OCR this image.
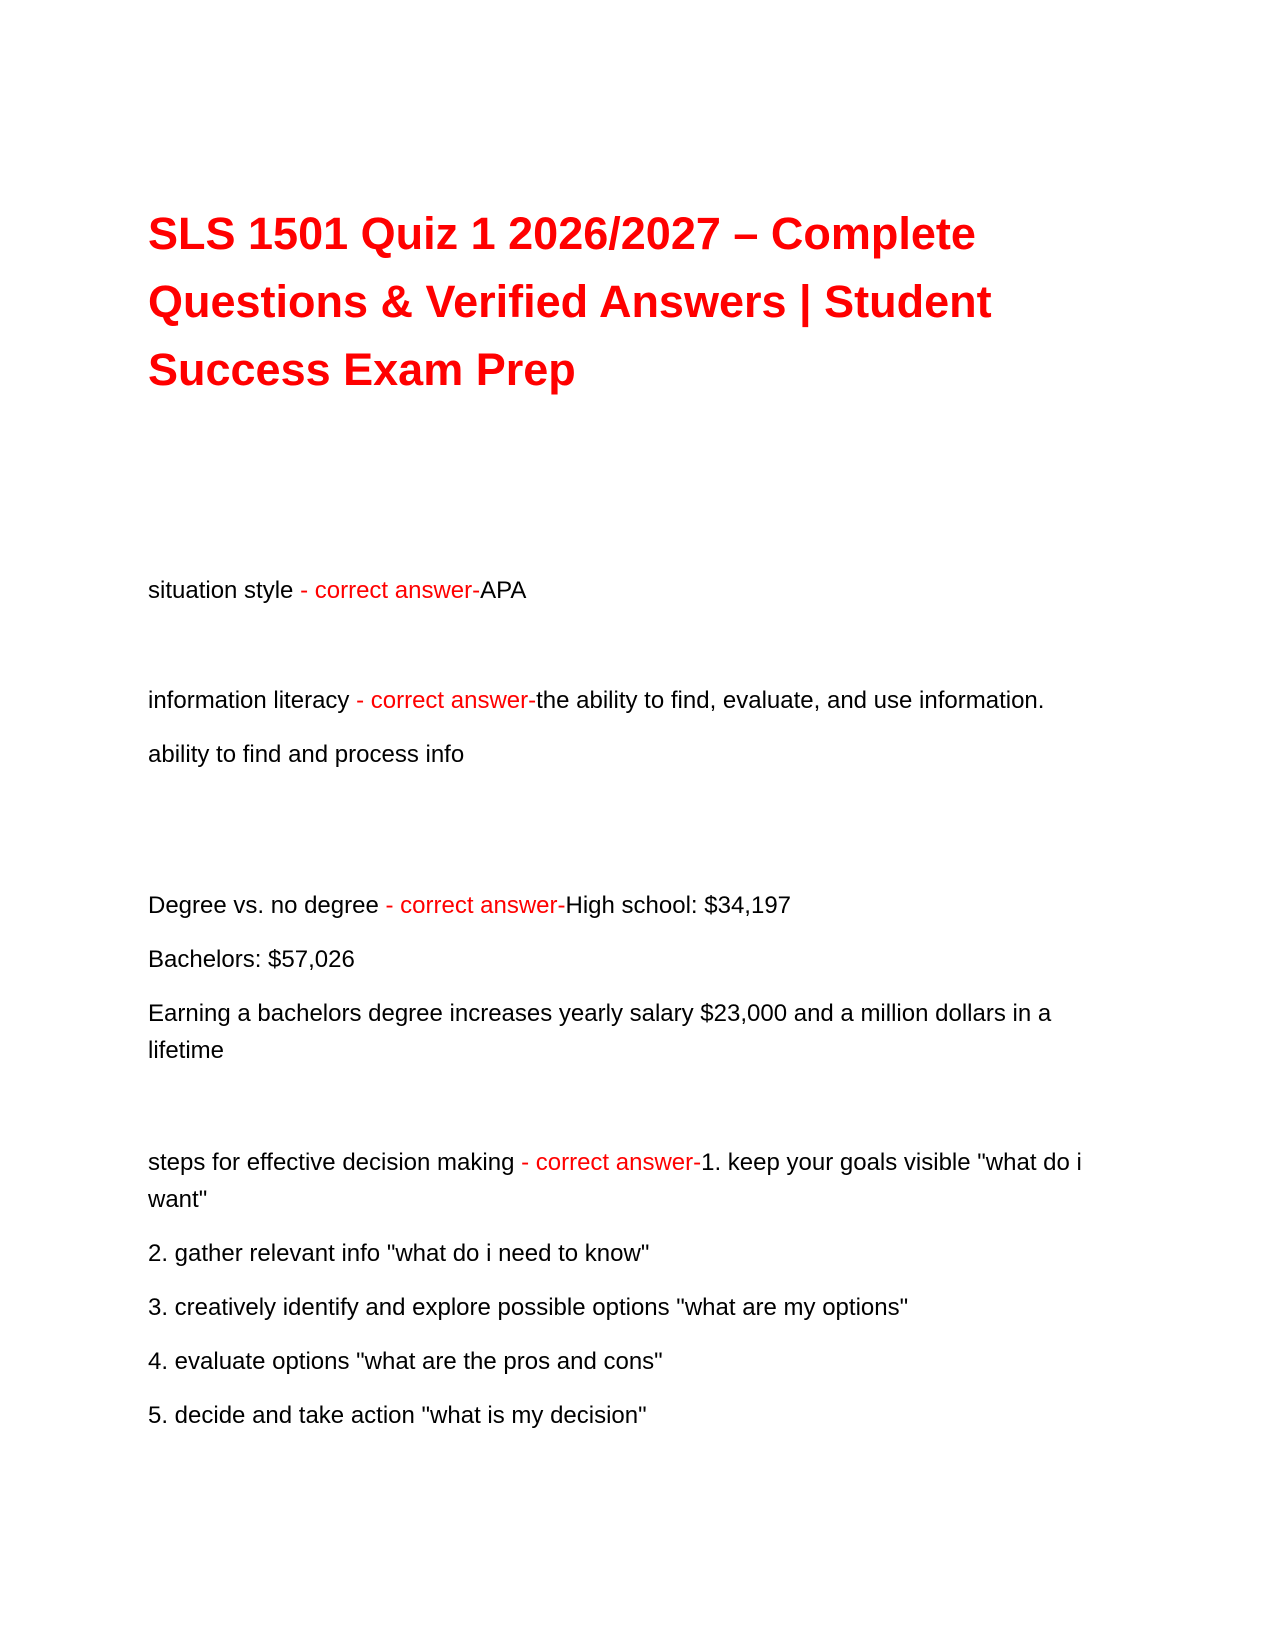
SLS 1501 Quiz 1 2026/2027 – Complete Questions & Verified Answers | Student Success Exam Prep

situation style - correct answer-APA

information literacy - correct answer-the ability to find, evaluate, and use information.

ability to find and process info

Degree vs. no degree - correct answer-High school: $34,197

Bachelors: $57,026

Earning a bachelors degree increases yearly salary $23,000 and a million dollars in a lifetime

steps for effective decision making - correct answer-1. keep your goals visible "what do i want"

2. gather relevant info "what do i need to know"

3. creatively identify and explore possible options "what are my options"

4. evaluate options "what are the pros and cons"

5. decide and take action "what is my decision"
